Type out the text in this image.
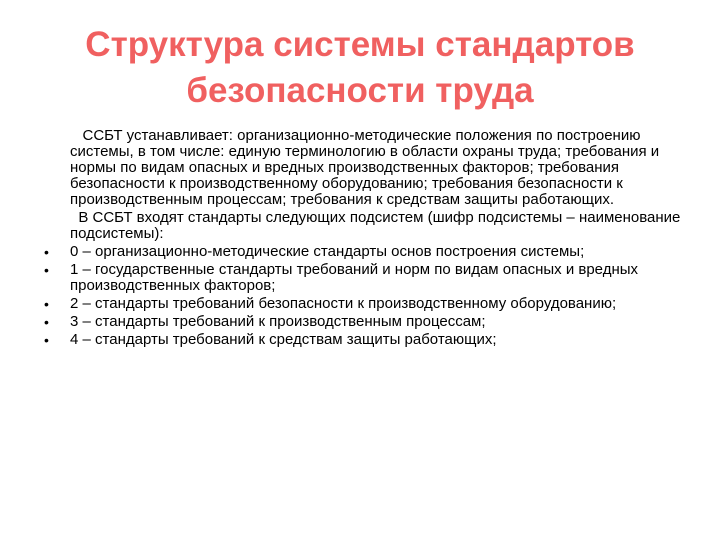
Структура системы стандартов
безопасности труда
ССБТ устанавливает: организационно-методические положения по построению системы, в том числе: единую терминологию в области охраны труда; требования и нормы по видам опасных и вредных производственных факторов; требования безопасности к производственному оборудованию; требования безопасности к производственным процессам; требования к средствам защиты работающих.
В ССБТ входят стандарты следующих подсистем (шифр подсистемы – наименование подсистемы):
• 0 – организационно-методические стандарты основ построения системы;
• 1 – государственные стандарты требований и норм по видам опасных и вредных производственных факторов;
• 2 – стандарты требований безопасности к производственному оборудованию;
• 3 – стандарты требований к производственным процессам;
• 4 – стандарты требований к средствам защиты работающих;
